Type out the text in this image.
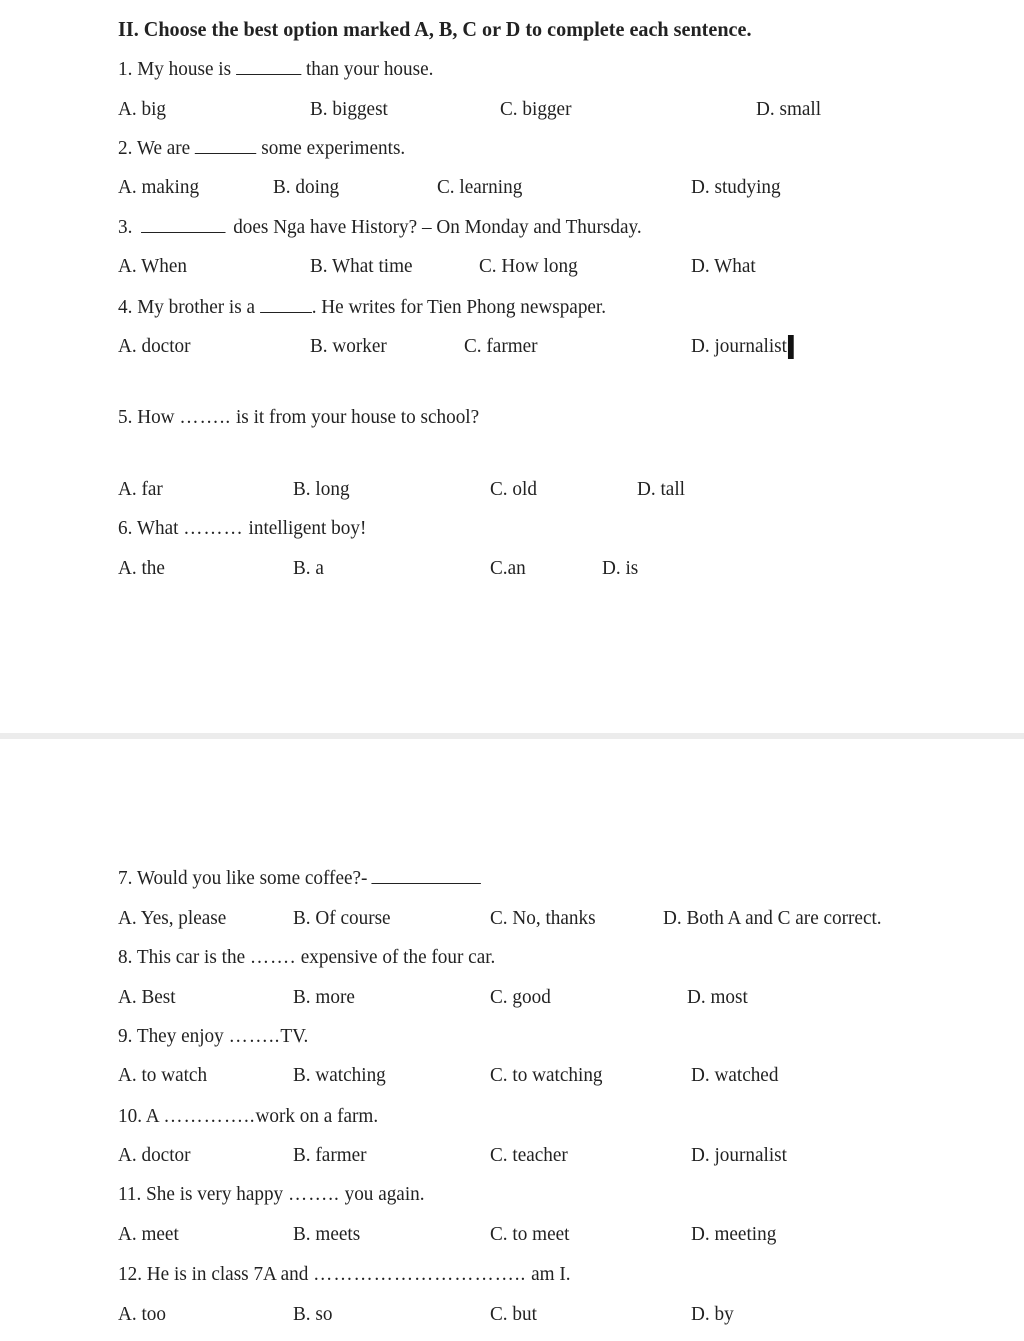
II. Choose the best option marked A, B, C or D to complete each sentence.
1. My house is	than your house.
A. big	B. biggest	C. bigger	D. small
2. We are	some experiments.
A. making	B. doing	C. learning	D. studying
3.	does Nga have History? – On Monday and Thursday.
A. When	B. What time	C. How long	D. What
4. My brother is a	. He writes for Tien Phong newspaper.
A. doctor	B. worker	C. farmer	D. journalist
5. How …….. is it from your house to school?
A. far	B. long	C. old	D. tall
6. What ……… intelligent boy!
A. the	B. a	C.an	D. is
7. Would you like some coffee?-
A. Yes, please	B. Of course	C. No, thanks	D. Both A and C are correct.
8. This car is the ……. expensive of the four car.
A. Best	B. more	C. good	D. most
9. They enjoy ……..TV.
A. to watch	B. watching	C. to watching	D. watched
10. A …………..work on a farm.
A. doctor	B. farmer	C. teacher	D. journalist
11. She is very happy …….. you again.
A. meet	B. meets	C. to meet	D. meeting
12. He is in class 7A and ………………………….. am I.
A. too	B. so	C. but	D. by
